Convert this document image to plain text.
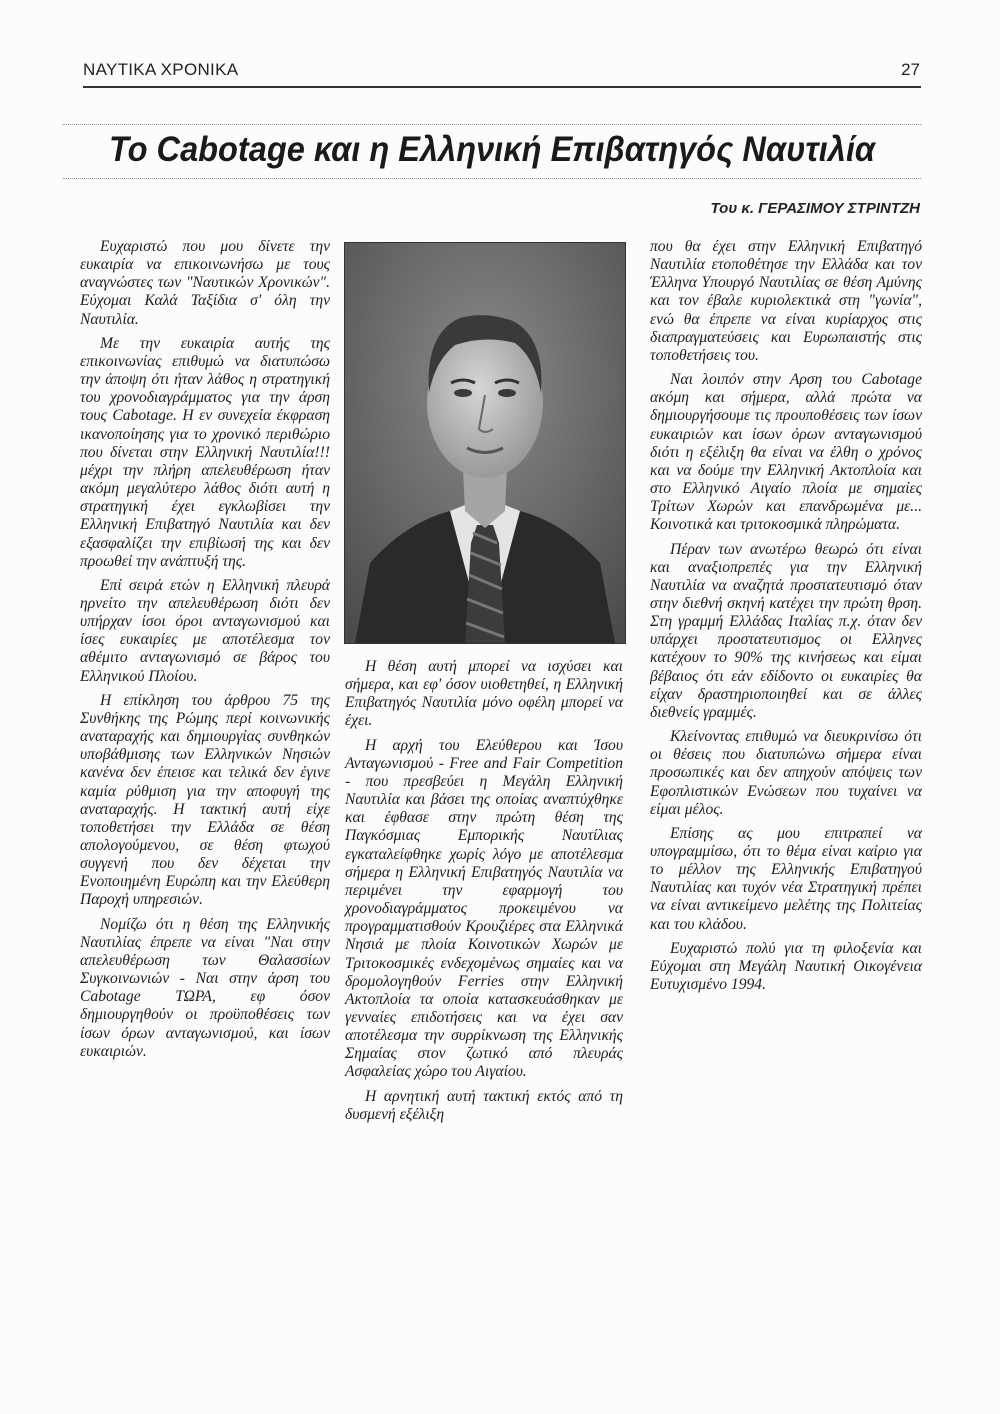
ΝΑΥΤΙΚΑ ΧΡΟΝΙΚΑ	27
To Cabotage και η Ελληνική Επιβατηγός Ναυτιλία
Του κ. ΓΕΡΑΣΙΜΟΥ ΣΤΡΙΝΤΖΗ

Ευχαριστώ που μου δίνετε την ευκαιρία να επικοινωνήσω με τους αναγνώστες των "Ναυτικών Χρονικών". Εύχομαι Καλά Ταξίδια σ' όλη την Ναυτιλία.

Με την ευκαιρία αυτής της επικοινωνίας επιθυμώ να διατυπώσω την άποψη ότι ήταν λάθος η στρατηγική του χρονοδιαγράμματος για την άρση τους Cabotage. Η εν συνεχεία έκφραση ικανοποίησης για το χρονικό περιθώριο που δίνεται στην Ελληνική Ναυτιλία!!! μέχρι την πλήρη απελευθέρωση ήταν ακόμη μεγαλύτερο λάθος διότι αυτή η στρατηγική έχει εγκλωβίσει την Ελληνική Επιβατηγό Ναυτιλία και δεν εξασφαλίζει την επιβίωσή της και δεν προωθεί την ανάπτυξή της.

Επί σειρά ετών η Ελληνική πλευρά ηρνείτο την απελευθέρωση διότι δεν υπήρχαν ίσοι όροι ανταγωνισμού και ίσες ευκαιρίες με αποτέλεσμα τον αθέμιτο ανταγωνισμό σε βάρος του Ελληνικού Πλοίου.

Η επίκληση του άρθρου 75 της Συνθήκης της Ρώμης περί κοινωνικής αναταραχής και δημιουργίας συνθηκών υποβάθμισης των Ελληνικών Νησιών κανένα δεν έπεισε και τελικά δεν έγινε καμία ρύθμιση για την αποφυγή της αναταραχής. Η τακτική αυτή είχε τοποθετήσει την Ελλάδα σε θέση απολογούμενου, σε θέση φτωχού συγγενή που δεν δέχεται την Ενοποιημένη Ευρώπη και την Ελεύθερη Παροχή υπηρεσιών.

Νομίζω ότι η θέση της Ελληνικής Ναυτιλίας έπρεπε να είναι "Ναι στην απελευθέρωση των Θαλασσίων Συγκοινωνιών - Ναι στην άρση του Cabotage ΤΩΡΑ, εφ όσον δημιουργηθούν οι προϋποθέσεις των ίσων όρων ανταγωνισμού, και ίσων ευκαιριών.

Η θέση αυτή μπορεί να ισχύσει και σήμερα, και εφ' όσον υιοθετηθεί, η Ελληνική Επιβατηγός Ναυτιλία μόνο οφέλη μπορεί να έχει.

Η αρχή του Ελεύθερου και Ίσου Ανταγωνισμού - Free and Fair Competition - που πρεσβεύει η Μεγάλη Ελληνική Ναυτιλία και βάσει της οποίας αναπτύχθηκε και έφθασε στην πρώτη θέση της Παγκόσμιας Εμπορικής Ναυτίλιας εγκαταλείφθηκε χωρίς λόγο με αποτέλεσμα σήμερα η Ελληνική Επιβατηγός Ναυτιλία να περιμένει την εφαρμογή του χρονοδιαγράμματος προκειμένου να προγραμματισθούν Κρουζιέρες στα Ελληνικά Νησιά με πλοία Κοινοτικών Χωρών με Τριτοκοσμικές ενδεχομένως σημαίες και να δρομολογηθούν Ferries στην Ελληνική Ακτοπλοία τα οποία κατασκευάσθηκαν με γενναίες επιδοτήσεις και να έχει σαν αποτέλεσμα την συρρίκνωση της Ελληνικής Σημαίας στον ζωτικό από πλευράς Ασφαλείας χώρο του Αιγαίου.

Η αρνητική αυτή τακτική εκτός από τη δυσμενή εξέλιξη

που θα έχει στην Ελληνική Επιβατηγό Ναυτιλία ετοποθέτησε την Ελλάδα και τον Έλληνα Υπουργό Ναυτιλίας σε θέση Αμύνης και τον έβαλε κυριολεκτικά στη "γωνία", ενώ θα έπρεπε να είναι κυρίαρχος στις διαπραγματεύσεις και Ευρωπαιστής στις τοποθετήσεις του.

Ναι λοιπόν στην Αρση του Cabotage ακόμη και σήμερα, αλλά πρώτα να δημιουργήσουμε τις προυποθέσεις των ίσων ευκαιριών και ίσων όρων ανταγωνισμού διότι η εξέλιξη θα είναι να έλθη ο χρόνος και να δούμε την Ελληνική Ακτοπλοία και στο Ελληνικό Αιγαίο πλοία με σημαίες Τρίτων Χωρών και επανδρωμένα με... Κοινοτικά και τριτοκοσμικά πληρώματα.

Πέραν των ανωτέρω θεωρώ ότι είναι και αναξιοπρεπές για την Ελληνική Ναυτιλία να αναζητά προστατευτισμό όταν στην διεθνή σκηνή κατέχει την πρώτη θρση. Στη γραμμή Ελλάδας Ιταλίας π.χ. όταν δεν υπάρχει προστατευτισμος οι Ελληνες κατέχουν το 90% της κινήσεως και είμαι βέβαιος ότι εάν εδίδοντο οι ευκαιρίες θα είχαν δραστηριοποιηθεί και σε άλλες διεθνείς γραμμές.

Κλείνοντας επιθυμώ να διευκρινίσω ότι οι θέσεις που διατυπώνω σήμερα είναι προσωπικές και δεν απηχούν απόψεις των Εφοπλιστικών Ενώσεων που τυχαίνει να είμαι μέλος.

Επίσης ας μου επιτραπεί να υπογραμμίσω, ότι το θέμα είναι καίριο για το μέλλον της Ελληνικής Επιβατηγού Ναυτιλίας και τυχόν νέα Στρατηγική πρέπει να είναι αντικείμενο μελέτης της Πολιτείας και του κλάδου.

Ευχαριστώ πολύ για τη φιλοξενία και Εύχομαι στη Μεγάλη Ναυτική Οικογένεια Ευτυχισμένο 1994.
